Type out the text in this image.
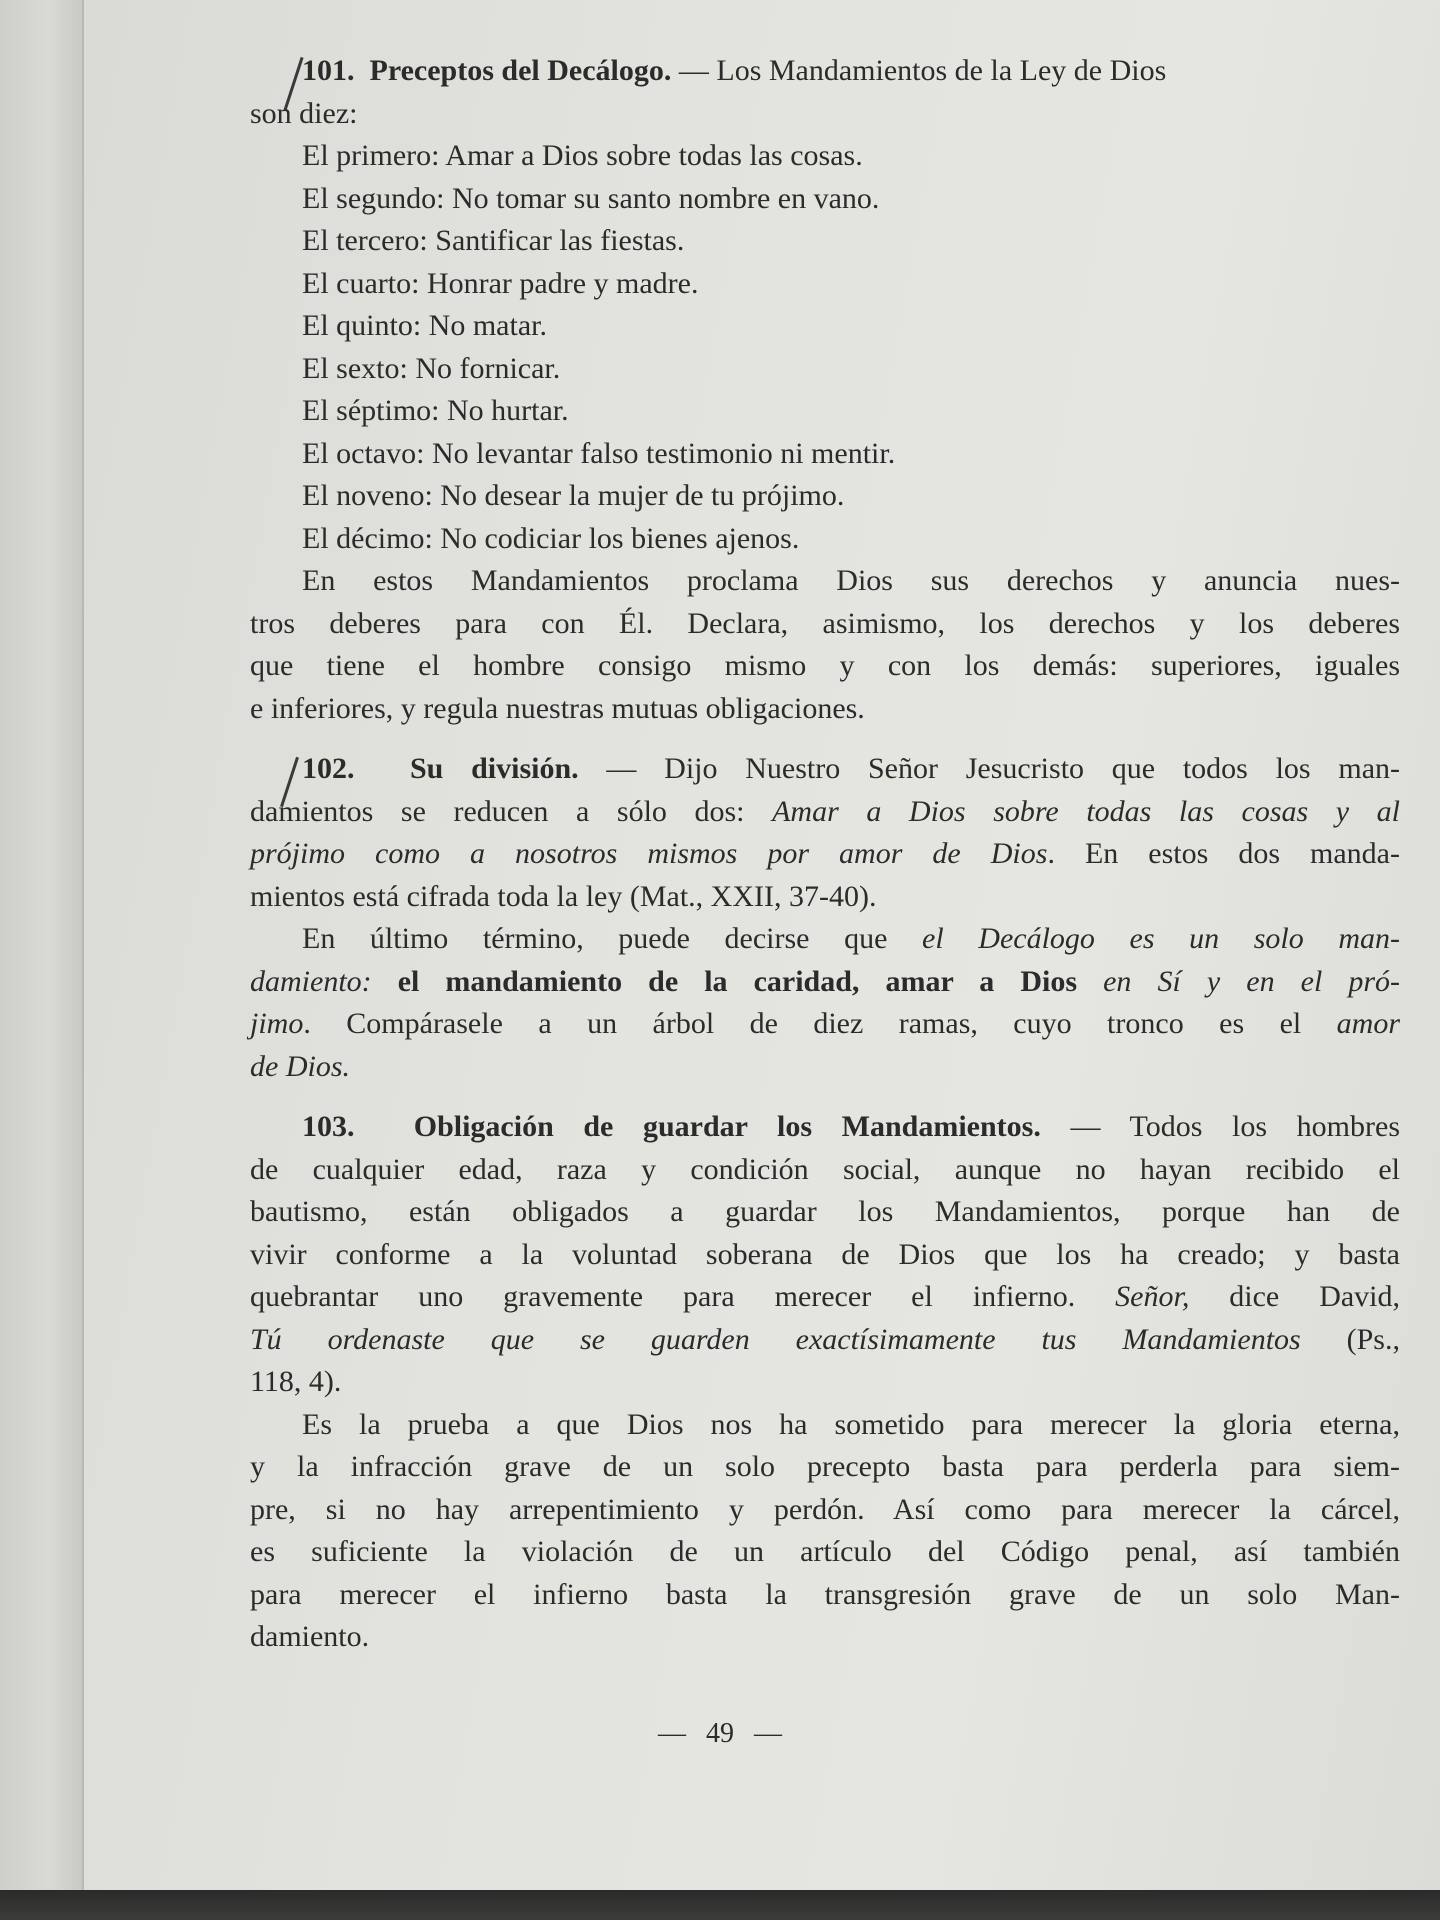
101. Preceptos del Decálogo. — Los Mandamientos de la Ley de Dios
son diez:
El primero: Amar a Dios sobre todas las cosas.
El segundo: No tomar su santo nombre en vano.
El tercero: Santificar las fiestas.
El cuarto: Honrar padre y madre.
El quinto: No matar.
El sexto: No fornicar.
El séptimo: No hurtar.
El octavo: No levantar falso testimonio ni mentir.
El noveno: No desear la mujer de tu prójimo.
El décimo: No codiciar los bienes ajenos.
En estos Mandamientos proclama Dios sus derechos y anuncia nues-
tros deberes para con Él. Declara, asimismo, los derechos y los deberes
que tiene el hombre consigo mismo y con los demás: superiores, iguales
e inferiores, y regula nuestras mutuas obligaciones.
102. Su división. — Dijo Nuestro Señor Jesucristo que todos los man-
damientos se reducen a sólo dos: Amar a Dios sobre todas las cosas y al
prójimo como a nosotros mismos por amor de Dios. En estos dos manda-
mientos está cifrada toda la ley (Mat., XXII, 37-40).
En último término, puede decirse que el Decálogo es un solo man-
damiento: el mandamiento de la caridad, amar a Dios en Sí y en el pró-
jimo. Compárasele a un árbol de diez ramas, cuyo tronco es el amor
de Dios.
103. Obligación de guardar los Mandamientos. — Todos los hombres
de cualquier edad, raza y condición social, aunque no hayan recibido el
bautismo, están obligados a guardar los Mandamientos, porque han de
vivir conforme a la voluntad soberana de Dios que los ha creado; y basta
quebrantar uno gravemente para merecer el infierno. Señor, dice David,
Tú ordenaste que se guarden exactísimamente tus Mandamientos (Ps.,
118, 4).
Es la prueba a que Dios nos ha sometido para merecer la gloria eterna,
y la infracción grave de un solo precepto basta para perderla para siem-
pre, si no hay arrepentimiento y perdón. Así como para merecer la cárcel,
es suficiente la violación de un artículo del Código penal, así también
para merecer el infierno basta la transgresión grave de un solo Man-
damiento.
— 49 —
